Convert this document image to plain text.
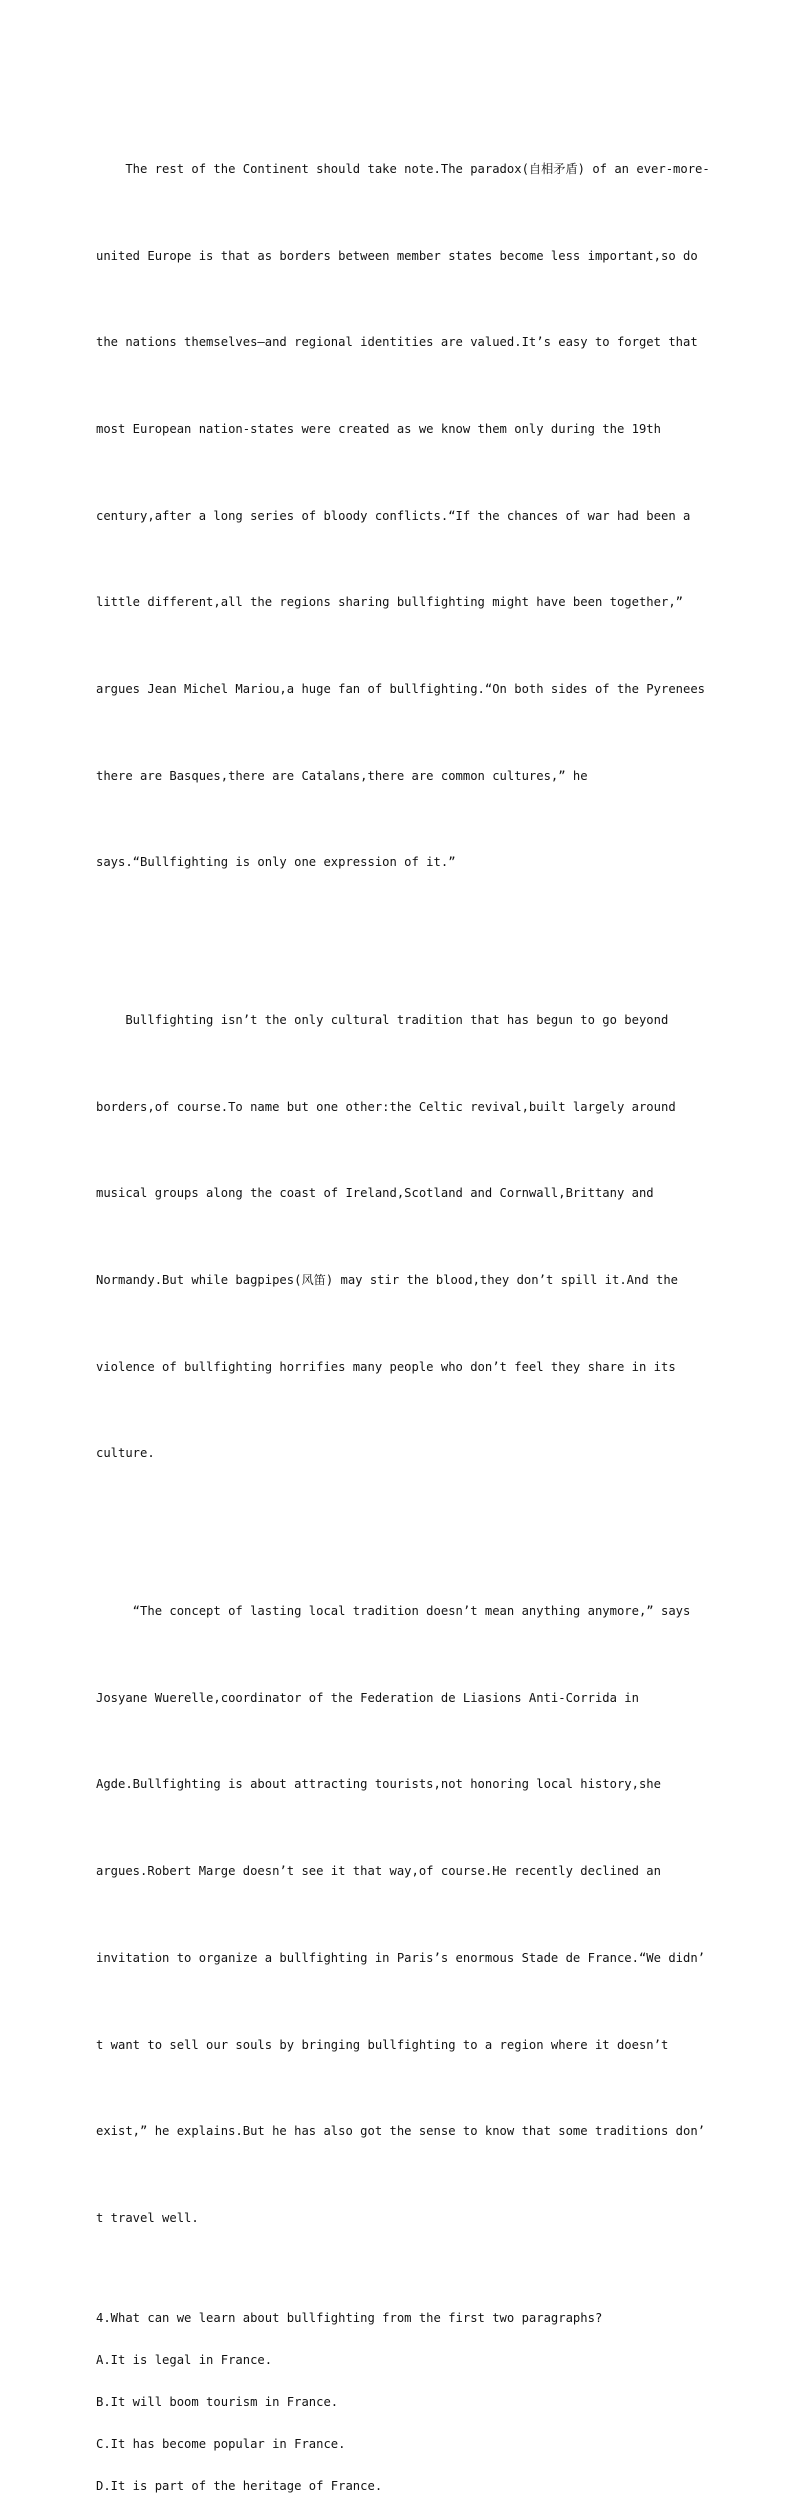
The rest of the Continent should take note.The paradox(自相矛盾) of an ever-more-

united Europe is that as borders between member states become less important,so do

the nations themselves—and regional identities are valued.It’s easy to forget that

most European nation-states were created as we know them only during the 19th

century,after a long series of bloody conflicts.“If the chances of war had been a

little different,all the regions sharing bullfighting might have been together,”

argues Jean Michel Mariou,a huge fan of bullfighting.“On both sides of the Pyrenees

there are Basques,there are Catalans,there are common cultures,” he

says.“Bullfighting is only one expression of it.”

Bullfighting isn’t the only cultural tradition that has begun to go beyond

borders,of course.To name but one other:the Celtic revival,built largely around

musical groups along the coast of Ireland,Scotland and Cornwall,Brittany and

Normandy.But while bagpipes(风笛) may stir the blood,they don’t spill it.And the

violence of bullfighting horrifies many people who don’t feel they share in its

culture.

“The concept of lasting local tradition doesn’t mean anything anymore,” says

Josyane Wuerelle,coordinator of the Federation de Liasions Anti-Corrida in

Agde.Bullfighting is about attracting tourists,not honoring local history,she

argues.Robert Marge doesn’t see it that way,of course.He recently declined an

invitation to organize a bullfighting in Paris’s enormous Stade de France.“We didn’

t want to sell our souls by bringing bullfighting to a region where it doesn’t

exist,” he explains.But he has also got the sense to know that some traditions don’

t travel well.

4.What can we learn about bullfighting from the first two paragraphs?
A.It is legal in France.
B.It will boom tourism in France.
C.It has become popular in France.
D.It is part of the heritage of France.
